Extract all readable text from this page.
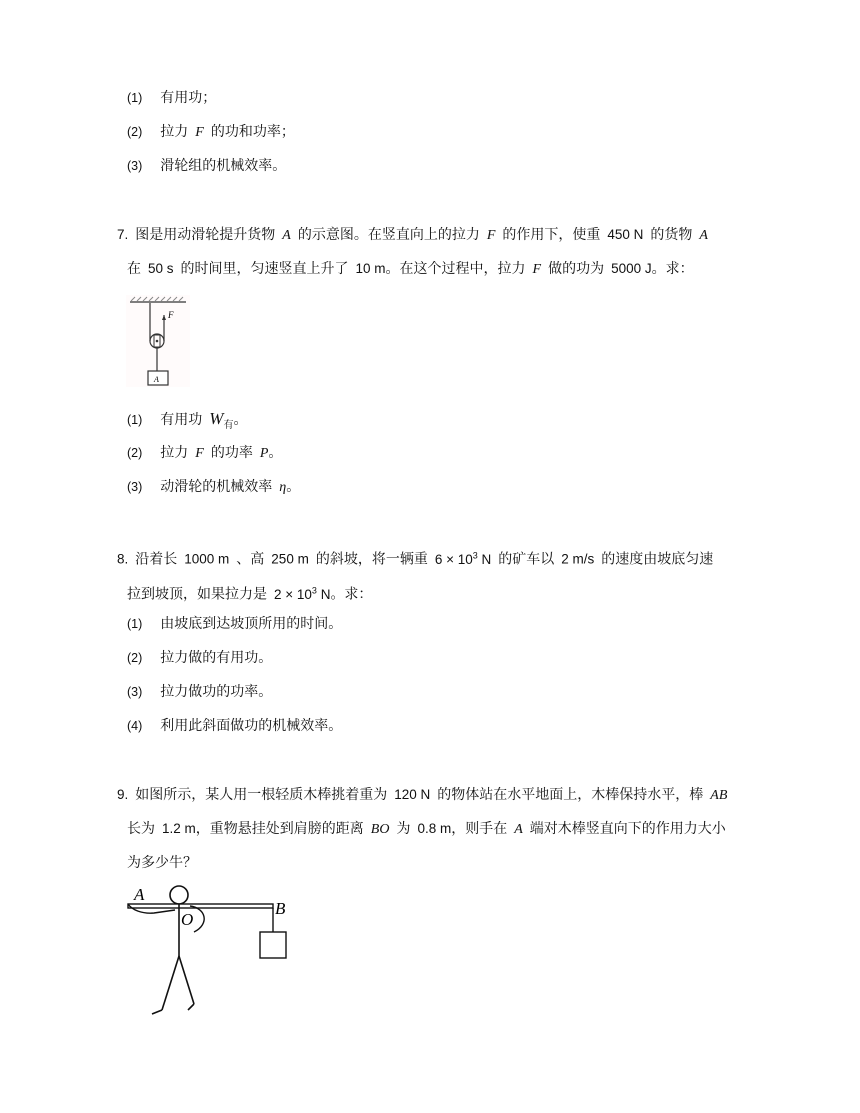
(1) 有用功；
(2) 拉力 F 的功和功率；
(3) 滑轮组的机械效率。
7. 图是用动滑轮提升货物 A 的示意图。在竖直向上的拉力 F 的作用下，使重 450 N 的货物 A
在 50 s 的时间里，匀速竖直上升了 10 m。在这个过程中，拉力 F 做的功为 5000 J。求：
F
A
(1) 有用功 $W_有$。
(2) 拉力 F 的功率 P。
(3) 动滑轮的机械效率 η。
8. 沿着长 1000 m 、高 250 m 的斜坡，将一辆重 $6 \times 10^3$ N 的矿车以 2 m/s 的速度由坡底匀速
拉到坡顶，如果拉力是 $2 \times 10^3$ N。求：
(1) 由坡底到达坡顶所用的时间。
(2) 拉力做的有用功。
(3) 拉力做功的功率。
(4) 利用此斜面做功的机械效率。
9. 如图所示，某人用一根轻质木棒挑着重为 120 N 的物体站在水平地面上，木棒保持水平，棒 AB
长为 1.2 m，重物悬挂处到肩膀的距离 BO 为 0.8 m，则手在 A 端对木棒竖直向下的作用力大小
为多少牛？
A
B
O
